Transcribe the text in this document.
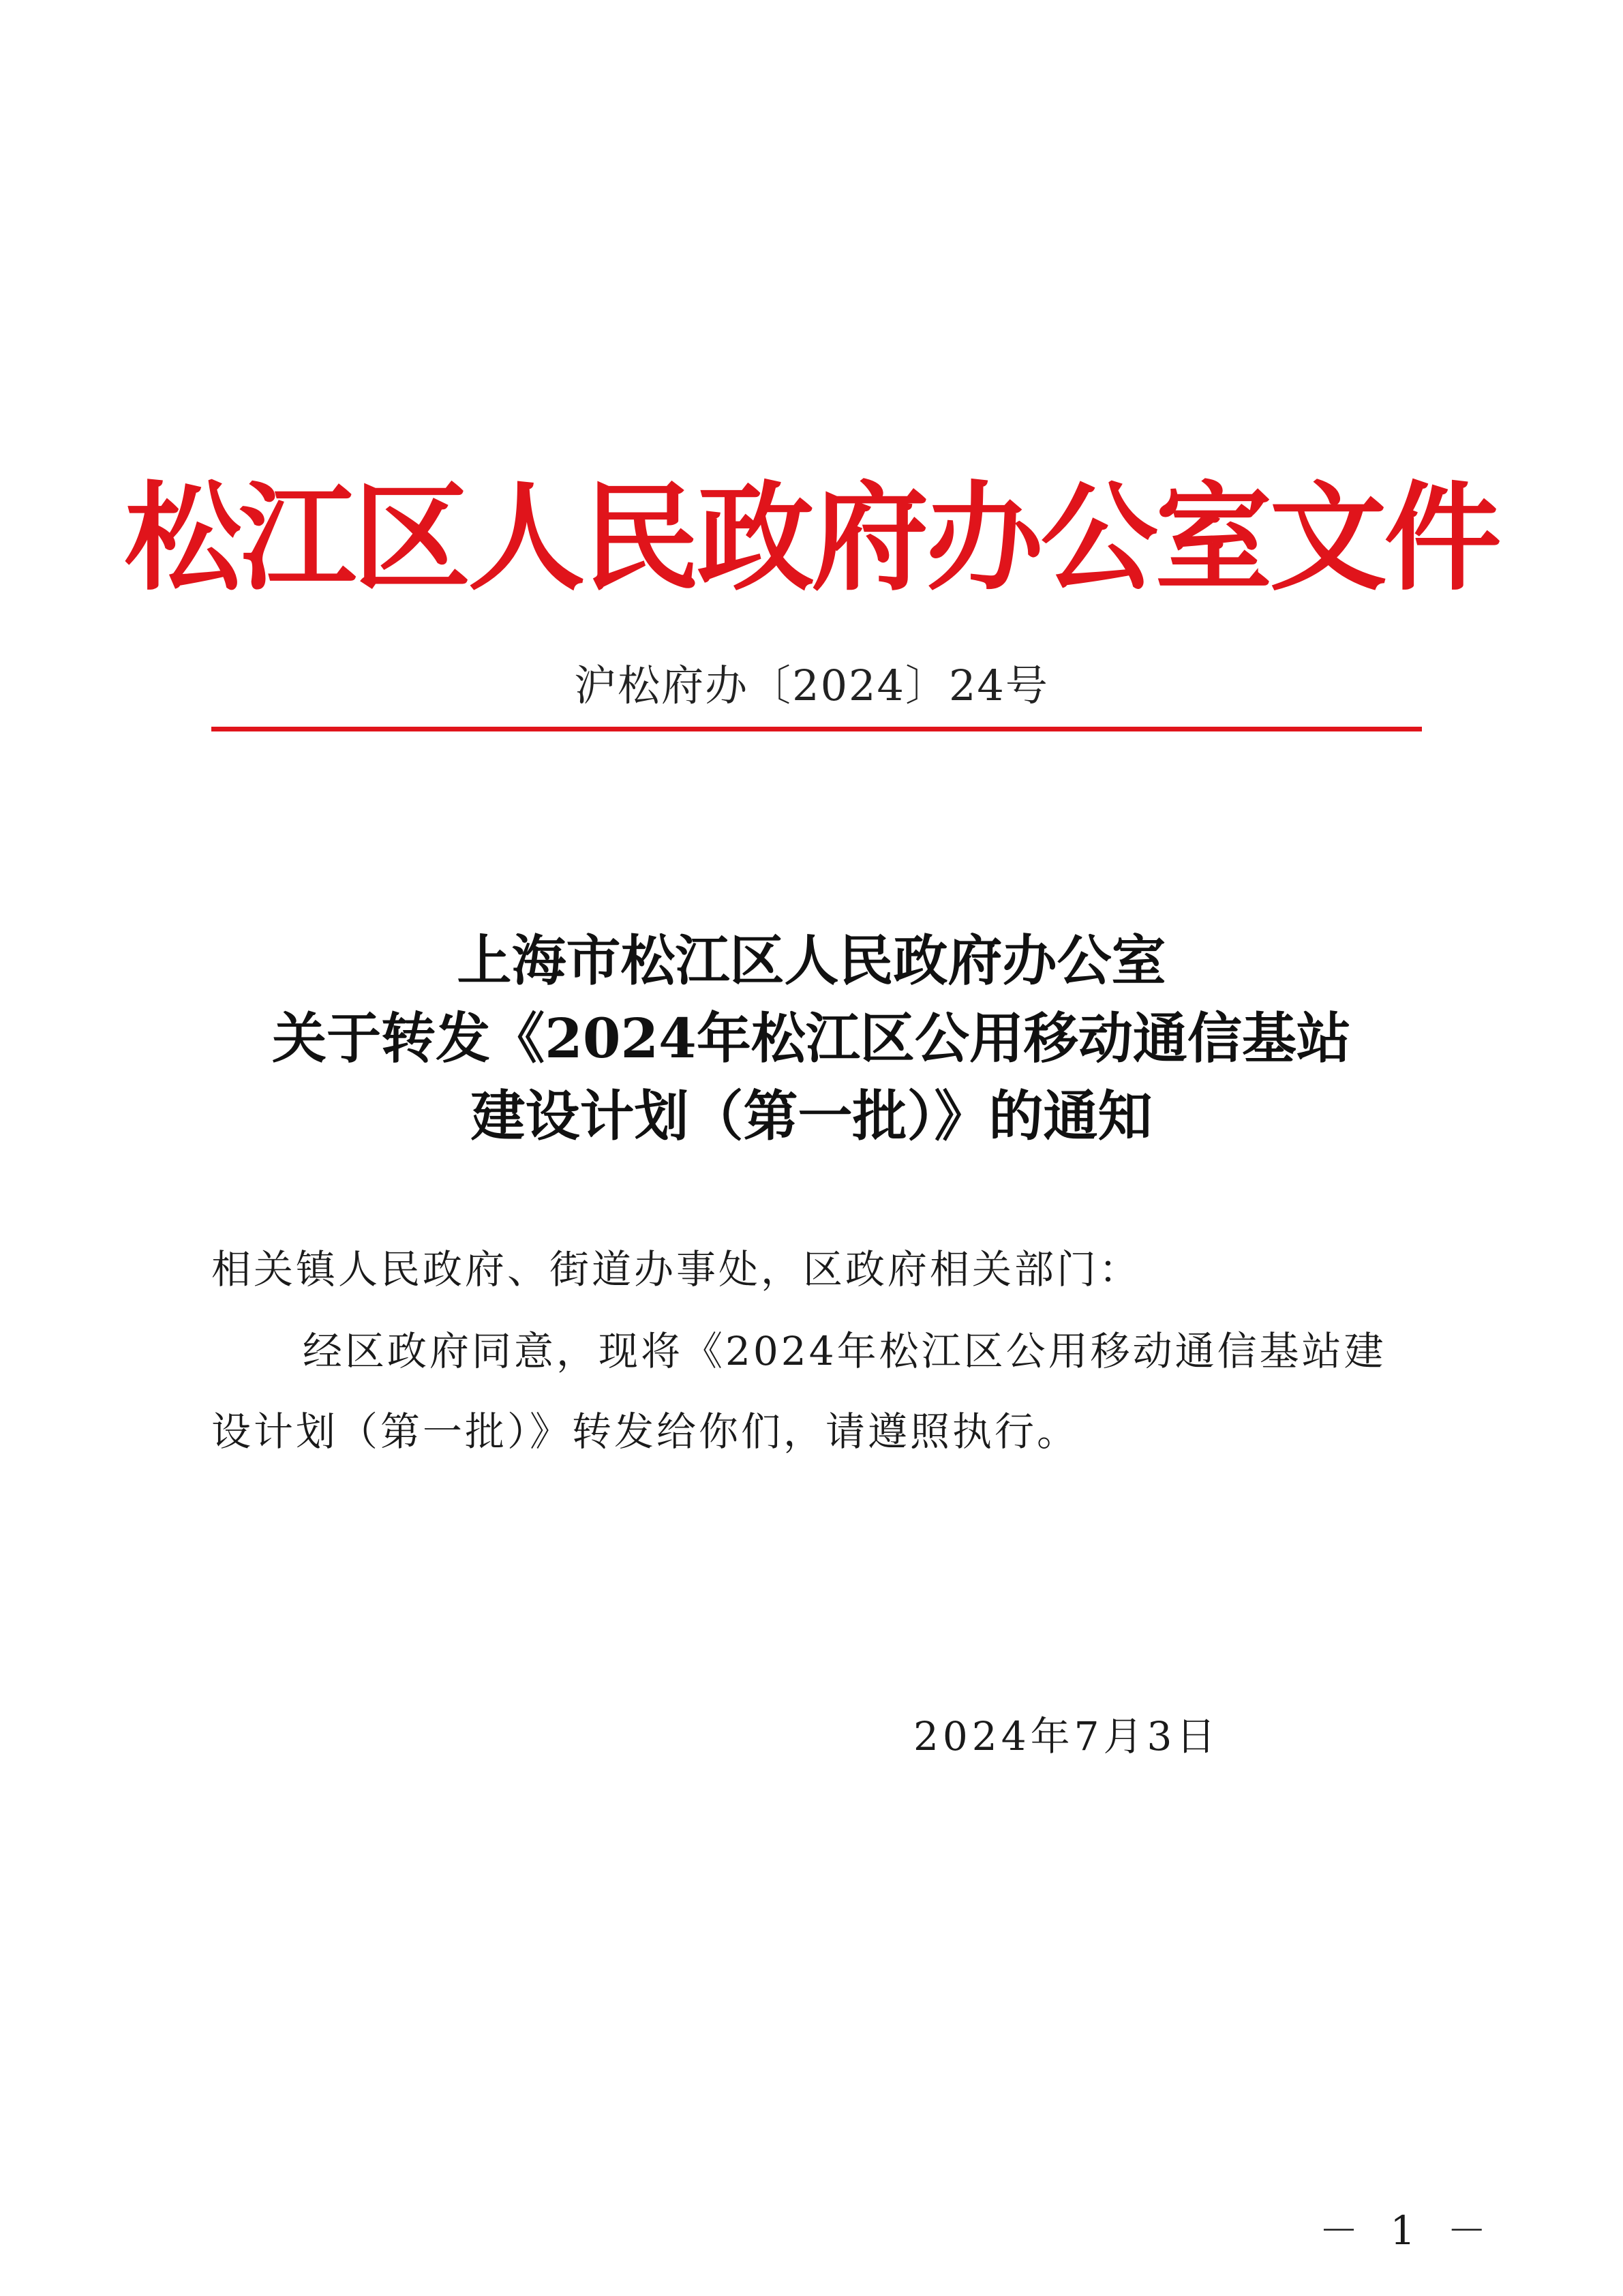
松江区人民政府办公室文件
沪松府办〔2024〕24号
上海市松江区人民政府办公室
关于转发《2024年松江区公用移动通信基站
建设计划（第一批）》的通知
相关镇人民政府、街道办事处，区政府相关部门：
经区政府同意，现将《2024年松江区公用移动通信基站建
设计划（第一批）》转发给你们，请遵照执行。
2024年7月3日
－ 1 －
